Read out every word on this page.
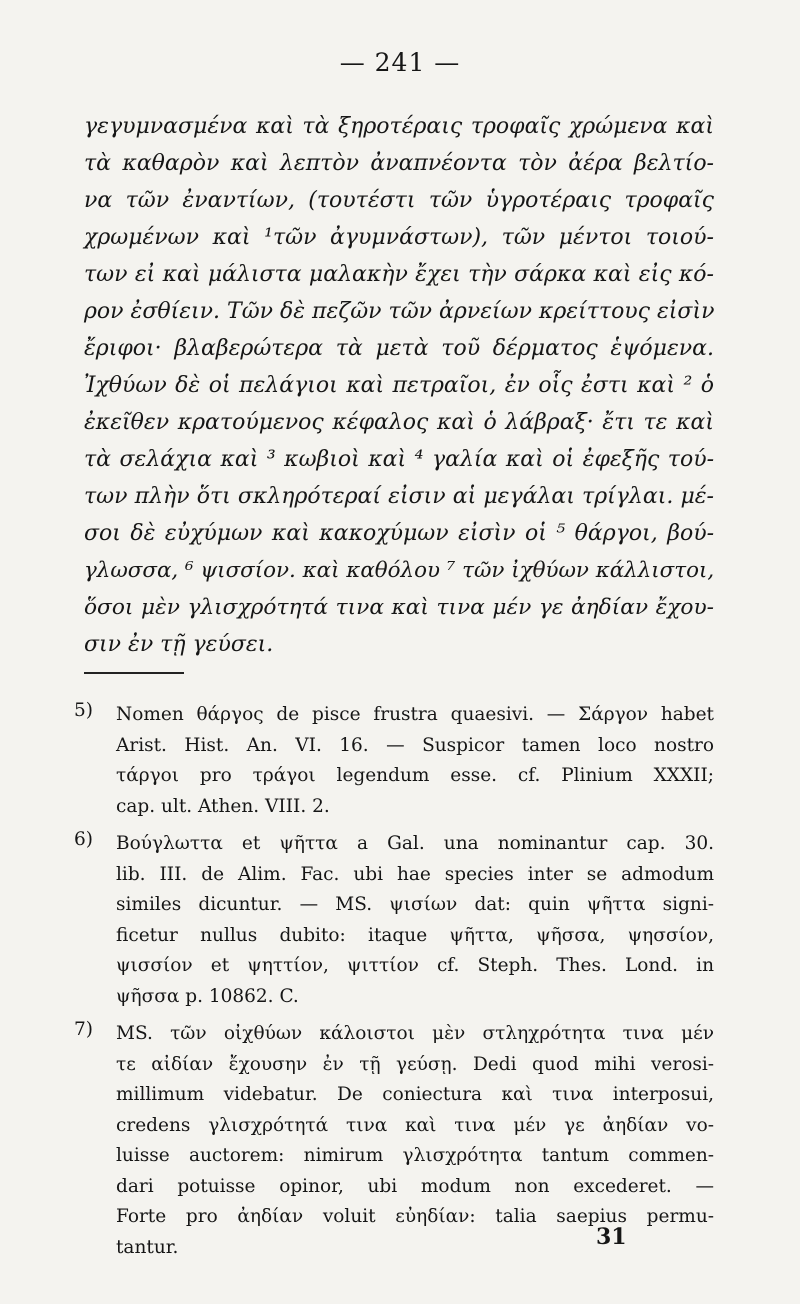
— 241 —
γεγυμνασμένα καὶ τὰ ξηροτέραις τροφαῖς χρώμενα καὶ
τὰ καθαρὸν καὶ λεπτὸν ἀναπνέοντα τὸν ἀέρα βελτίο-
να τῶν ἐναντίων, (τουτέστι τῶν ὑγροτέραις τροφαῖς
χρωμένων καὶ ¹τῶν ἀγυμνάστων), τῶν μέντοι τοιού-
των εἰ καὶ μάλιστα μαλακὴν ἔχει τὴν σάρκα καὶ εἰς κό-
ρον ἐσθίειν. Τῶν δὲ πεζῶν τῶν ἀρνείων κρείττους εἰσὶν
ἔριφοι· βλαβερώτερα τὰ μετὰ τοῦ δέρματος ἑψόμενα.
Ἰχθύων δὲ οἱ πελάγιοι καὶ πετραῖοι, ἐν οἷς ἐστι καὶ ² ὁ
ἐκεῖθεν κρατούμενος κέφαλος καὶ ὁ λάβραξ· ἔτι τε καὶ
τὰ σελάχια καὶ ³ κωβιοὶ καὶ ⁴ γαλία καὶ οἱ ἐφεξῆς τού-
των πλὴν ὅτι σκληρότεραί εἰσιν αἱ μεγάλαι τρίγλαι. μέ-
σοι δὲ εὐχύμων καὶ κακοχύμων εἰσὶν οἱ ⁵ θάργοι, βού-
γλωσσα, ⁶ ψισσίον. καὶ καθόλου ⁷ τῶν ἰχθύων κάλλιστοι,
ὅσοι μὲν γλισχρότητά τινα καὶ τινα μέν γε ἀηδίαν ἔχου-
σιν ἐν τῇ γεύσει.
5) Nomen θάργος de pisce frustra quaesivi. — Σάργον habet
Arist. Hist. An. VI. 16. — Suspicor tamen loco nostro
τάργοι pro τράγοι legendum esse. cf. Plinium XXXII;
cap. ult. Athen. VIII. 2.
6) Βούγλωττα et ψῆττα a Gal. una nominantur cap. 30.
lib. III. de Alim. Fac. ubi hae species inter se admodum
similes dicuntur. — MS. ψισίων dat: quin ψῆττα signi-
ficetur nullus dubito: itaque ψῆττα, ψῆσσα, ψησσίον,
ψισσίον et ψηττίον, ψιττίον cf. Steph. Thes. Lond. in
ψῆσσα p. 10862. C.
7) MS. τῶν οἰχθύων κάλοιστοι μὲν στληχρότητα τινα μέν
τε αἰδίαν ἔχουσην ἐν τῇ γεύσῃ. Dedi quod mihi verosi-
millimum videbatur. De coniectura καὶ τινα interposui,
credens γλισχρότητά τινα καὶ τινα μέν γε ἀηδίαν vo-
luisse auctorem: nimirum γλισχρότητα tantum commen-
dari potuisse opinor, ubi modum non excederet. —
Forte pro ἀηδίαν voluit εὐηδίαν: talia saepius permu-
tantur.	31
